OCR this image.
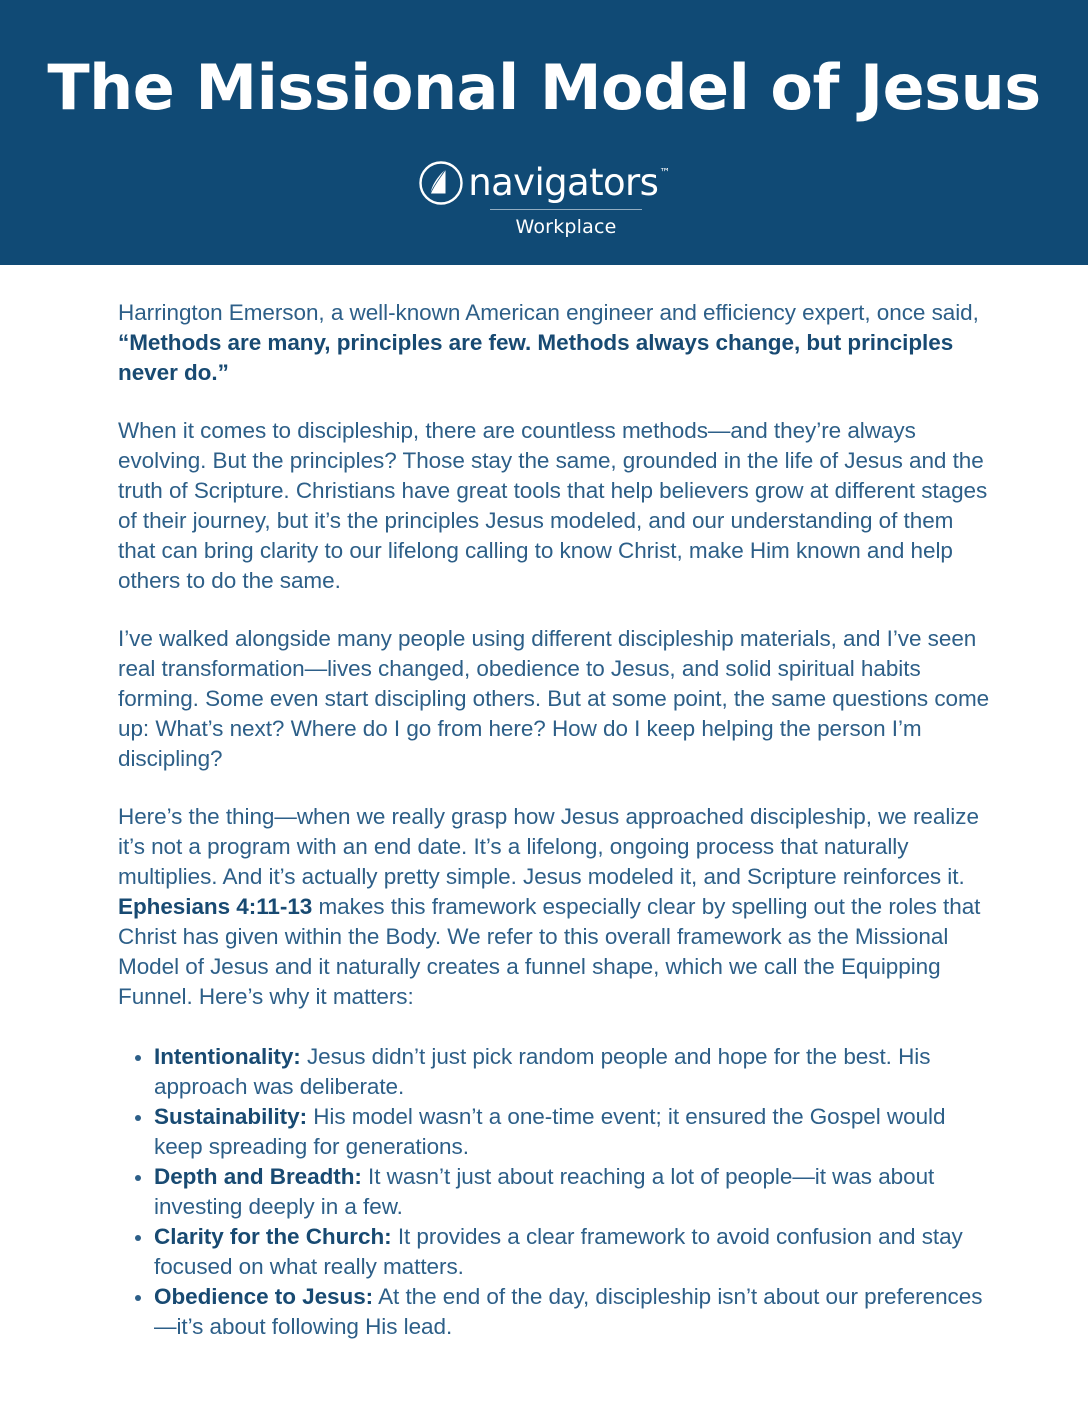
The Missional Model of Jesus
navigators ™
Workplace

Harrington Emerson, a well-known American engineer and efficiency expert, once said, “Methods are many, principles are few. Methods always change, but principles never do.”

When it comes to discipleship, there are countless methods—and they’re always evolving. But the principles? Those stay the same, grounded in the life of Jesus and the truth of Scripture. Christians have great tools that help believers grow at different stages of their journey, but it’s the principles Jesus modeled, and our understanding of them that can bring clarity to our lifelong calling to know Christ, make Him known and help others to do the same.

I’ve walked alongside many people using different discipleship materials, and I’ve seen real transformation—lives changed, obedience to Jesus, and solid spiritual habits forming. Some even start discipling others. But at some point, the same questions come up: What’s next? Where do I go from here? How do I keep helping the person I’m discipling?

Here’s the thing—when we really grasp how Jesus approached discipleship, we realize it’s not a program with an end date. It’s a lifelong, ongoing process that naturally multiplies. And it’s actually pretty simple. Jesus modeled it, and Scripture reinforces it. Ephesians 4:11-13 makes this framework especially clear by spelling out the roles that Christ has given within the Body. We refer to this overall framework as the Missional Model of Jesus and it naturally creates a funnel shape, which we call the Equipping Funnel. Here’s why it matters:

Intentionality: Jesus didn’t just pick random people and hope for the best. His approach was deliberate.
Sustainability: His model wasn’t a one-time event; it ensured the Gospel would keep spreading for generations.
Depth and Breadth: It wasn’t just about reaching a lot of people—it was about investing deeply in a few.
Clarity for the Church: It provides a clear framework to avoid confusion and stay focused on what really matters.
Obedience to Jesus: At the end of the day, discipleship isn’t about our preferences—it’s about following His lead.
